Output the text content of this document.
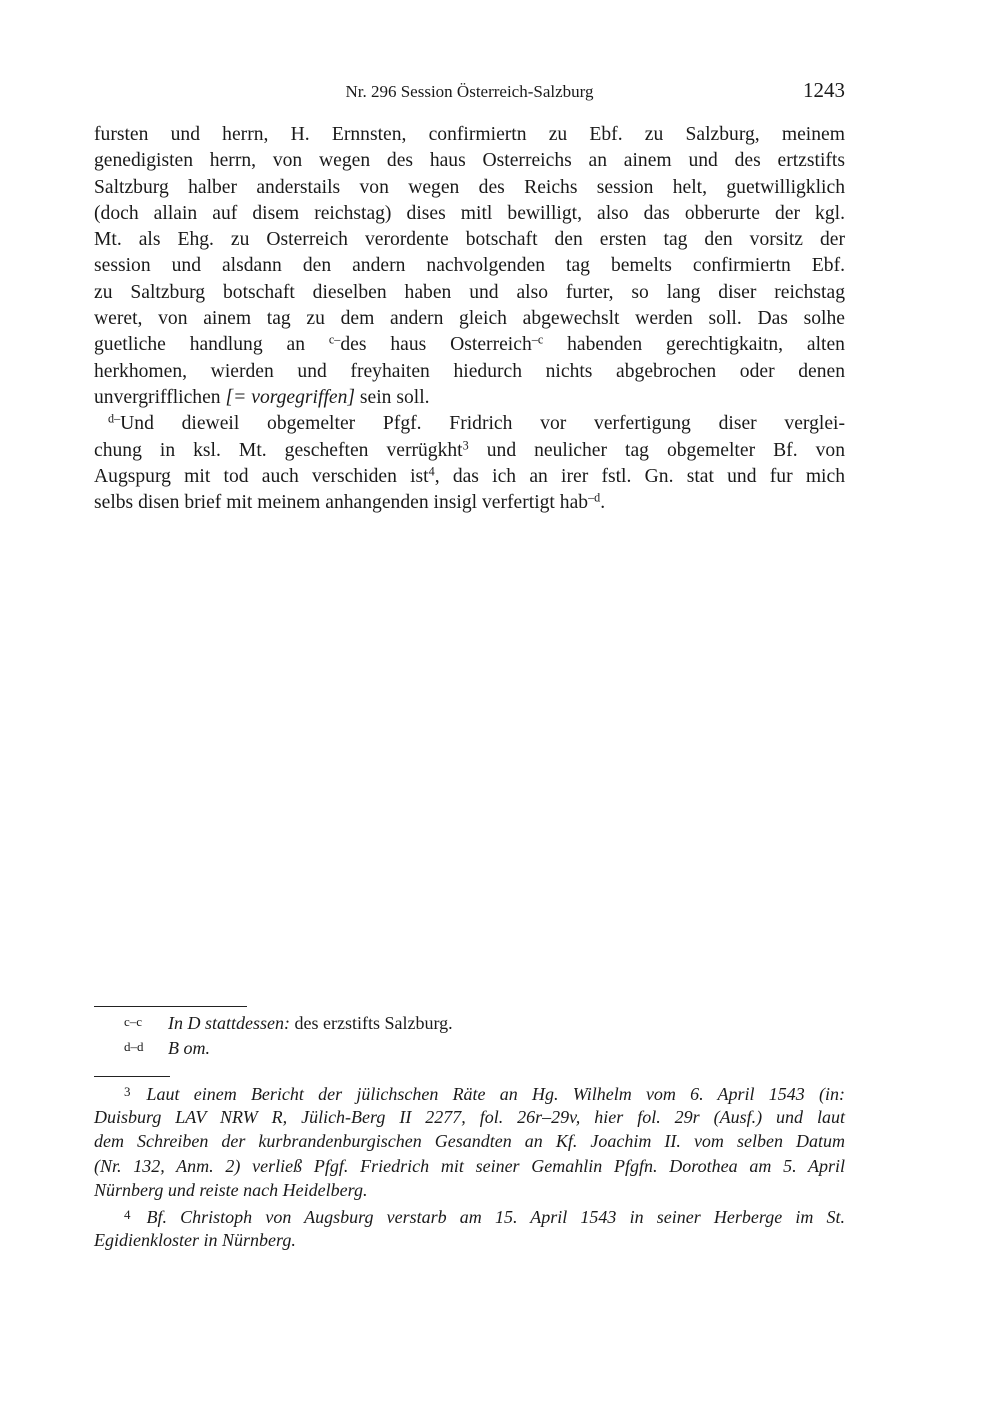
Nr. 296 Session Österreich-Salzburg	1243
fursten und herrn, H. Ernnsten, confirmiertn zu Ebf. zu Salzburg, meinem
genedigisten herrn, von wegen des haus Osterreichs an ainem und des ertzstifts
Saltzburg halber anderstails von wegen des Reichs session helt, guetwilligklich
(doch allain auf disem reichstag) dises mitl bewilligt, also das obberurte der kgl.
Mt. als Ehg. zu Osterreich verordente botschaft den ersten tag den vorsitz der
session und alsdann den andern nachvolgenden tag bemelts confirmiertn Ebf.
zu Saltzburg botschaft dieselben haben und also furter, so lang diser reichstag
weret, von ainem tag zu dem andern gleich abgewechslt werden soll. Das solhe
guetliche handlung an $^{c-}$des haus Osterreich$^{-c}$ habenden gerechtigkaitn, alten
herkhomen, wierden und freyhaiten hiedurch nichts abgebrochen oder denen
unvergrifflichen [= vorgegriffen] sein soll.
$^{d-}$Und dieweil obgemelter Pfgf. Fridrich vor verfertigung diser verglei-
chung in ksl. Mt. gescheften verrügkht$^3$ und neulicher tag obgemelter Bf. von
Augspurg mit tod auch verschiden ist$^4$, das ich an irer fstl. Gn. stat und fur mich
selbs disen brief mit meinem anhangenden insigl verfertigt hab$^{-d}$.
c–c In D stattdessen: des erzstifts Salzburg.
d–d B om.
$^3$ Laut einem Bericht der jülichschen Räte an Hg. Wilhelm vom 6. April 1543 (in:
Duisburg LAV NRW R, Jülich-Berg II 2277, fol. 26r–29v, hier fol. 29r (Ausf.) und laut
dem Schreiben der kurbrandenburgischen Gesandten an Kf. Joachim II. vom selben Datum
(Nr. 132, Anm. 2) verließ Pfgf. Friedrich mit seiner Gemahlin Pfgfn. Dorothea am 5. April
Nürnberg und reiste nach Heidelberg.
$^4$ Bf. Christoph von Augsburg verstarb am 15. April 1543 in seiner Herberge im St.
Egidienkloster in Nürnberg.
